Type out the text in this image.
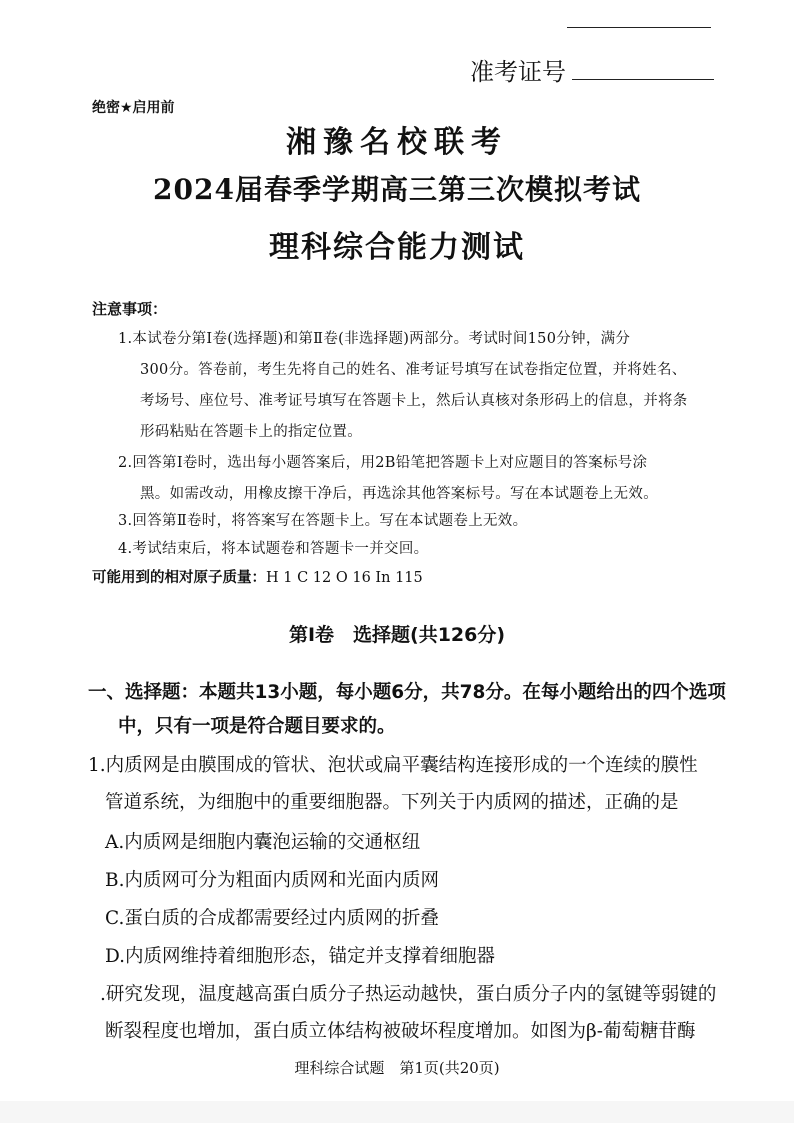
准考证号
绝密★启用前
湘豫名校联考
2024届春季学期高三第三次模拟考试
理科综合能力测试
注意事项：
1.本试卷分第Ⅰ卷(选择题)和第Ⅱ卷(非选择题)两部分。考试时间150分钟，满分
300分。答卷前，考生先将自己的姓名、准考证号填写在试卷指定位置，并将姓名、
考场号、座位号、准考证号填写在答题卡上，然后认真核对条形码上的信息，并将条
形码粘贴在答题卡上的指定位置。
2.回答第Ⅰ卷时，选出每小题答案后，用2B铅笔把答题卡上对应题目的答案标号涂
黑。如需改动，用橡皮擦干净后，再选涂其他答案标号。写在本试题卷上无效。
3.回答第Ⅱ卷时，将答案写在答题卡上。写在本试题卷上无效。
4.考试结束后，将本试题卷和答题卡一并交回。
可能用到的相对原子质量：H 1 C 12 O 16 In 115
第Ⅰ卷　选择题(共126分)
一、选择题：本题共13小题，每小题6分，共78分。在每小题给出的四个选项
中，只有一项是符合题目要求的。
1.内质网是由膜围成的管状、泡状或扁平囊结构连接形成的一个连续的膜性
管道系统，为细胞中的重要细胞器。下列关于内质网的描述，正确的是
A.内质网是细胞内囊泡运输的交通枢纽
B.内质网可分为粗面内质网和光面内质网
C.蛋白质的合成都需要经过内质网的折叠
D.内质网维持着细胞形态，锚定并支撑着细胞器
.研究发现，温度越高蛋白质分子热运动越快，蛋白质分子内的氢键等弱键的
断裂程度也增加，蛋白质立体结构被破坏程度增加。如图为β-葡萄糖苷酶
理科综合试题　第1页(共20页)
